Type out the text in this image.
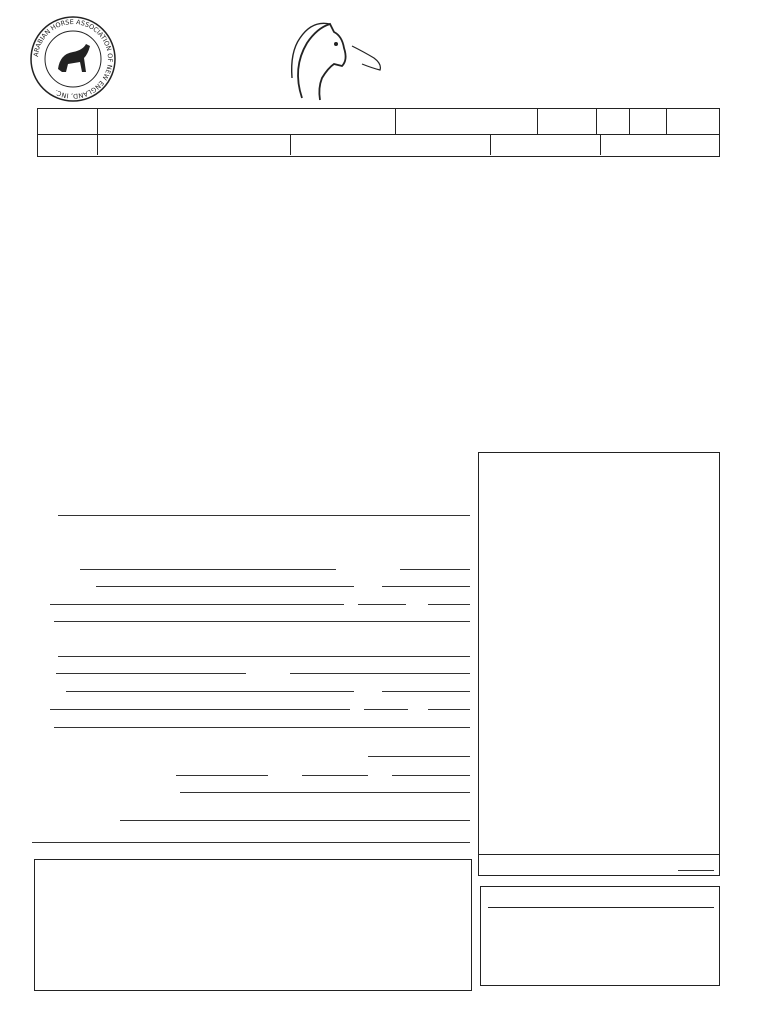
ARABIAN HORSE ASSOCIATION OF NEW ENGLAND, INC.
